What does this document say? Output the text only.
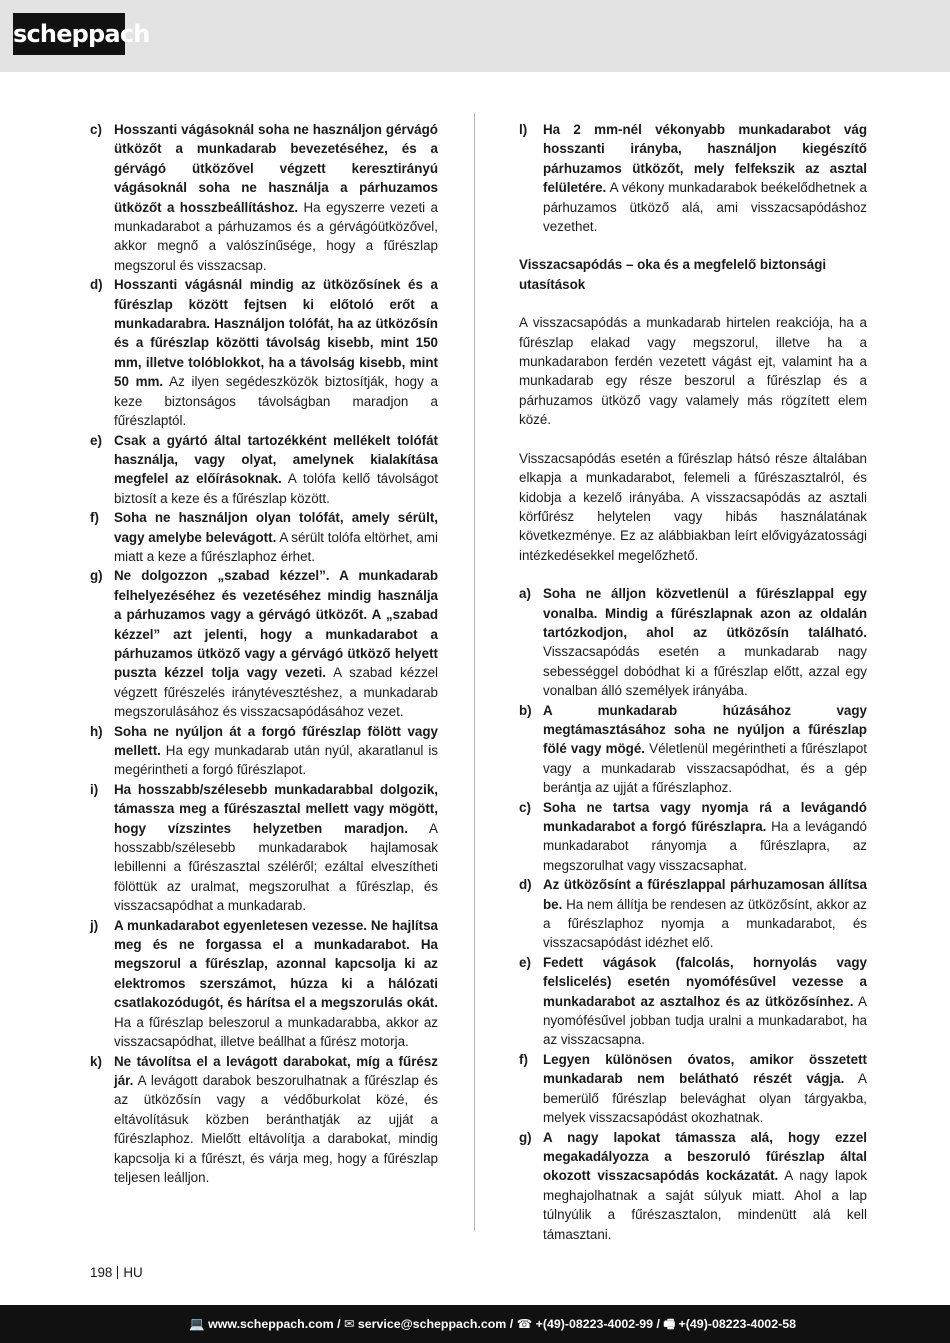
scheppach
c) Hosszanti vágásoknál soha ne használjon gérvágó ütközőt a munkadarab bevezetéséhez, és a gérvágó ütközővel végzett keresztirányú vágásoknál soha ne használja a párhuzamos ütközőt a hosszbeállításhoz. Ha egyszerre vezeti a munkadarabot a párhuzamos és a gérvágóütközővel, akkor megnő a valószínűsége, hogy a fűrészlap megszorul és visszacsap.
d) Hosszanti vágásnál mindig az ütközősínek és a fűrészlap között fejtsen ki előtoló erőt a munkadarabra. Használjon tolófát, ha az ütközősín és a fűrészlap közötti távolság kisebb, mint 150 mm, illetve tolóblokkot, ha a távolság kisebb, mint 50 mm. Az ilyen segédeszközök biztosítják, hogy a keze biztonságos távolságban maradjon a fűrészlaptól.
e) Csak a gyártó által tartozékként mellékelt tolófát használja, vagy olyat, amelynek kialakítása megfelel az előírásoknak. A tolófa kellő távolságot biztosít a keze és a fűrészlap között.
f)	Soha ne használjon olyan tolófát, amely sérült, vagy amelybe belevágott. A sérült tolófa eltörhet, ami miatt a keze a fűrészlaphoz érhet.
g) Ne dolgozzon „szabad kézzel”. A munkadarab felhelyezéséhez és vezetéséhez mindig használja a párhuzamos vagy a gérvágó ütközőt. A „szabad kézzel” azt jelenti, hogy a munkadarabot a párhuzamos ütköző vagy a gérvágó ütköző helyett puszta kézzel tolja vagy vezeti. A szabad kézzel végzett fűrészelés iránytévesztéshez, a munkadarab megszorulásához és visszacsapódásához vezet.
h) Soha ne nyúljon át a forgó fűrészlap fölött vagy mellett. Ha egy munkadarab után nyúl, akaratlanul is megérintheti a forgó fűrészlapot.
i)	Ha hosszabb/szélesebb munkadarabbal dolgozik, támassza meg a fűrészasztal mellett vagy mögött, hogy vízszintes helyzetben maradjon. A hosszabb/szélesebb munkadarabok hajlamosak lebillenni a fűrészasztal széléről; ezáltal elveszítheti fölöttük az uralmat, megszorulhat a fűrészlap, és visszacsapódhat a munkadarab.
j)	A munkadarabot egyenletesen vezesse. Ne hajlítsa meg és ne forgassa el a munkadarabot. Ha megszorul a fűrészlap, azonnal kapcsolja ki az elektromos szerszámot, húzza ki a hálózati csatlakozódugót, és hárítsa el a megszorulás okát. Ha a fűrészlap beleszorul a munkadarabba, akkor az visszacsapódhat, illetve beállhat a fűrész motorja.
k) Ne távolítsa el a levágott darabokat, míg a fűrész jár. A levágott darabok beszorulhatnak a fűrészlap és az ütközősín vagy a védőburkolat közé, és eltávolításuk közben beránthatják az ujját a fűrészlaphoz. Mielőtt eltávolítja a darabokat, mindig kapcsolja ki a fűrészt, és várja meg, hogy a fűrészlap teljesen leálljon.
l)	Ha 2 mm-nél vékonyabb munkadarabot vág hosszanti irányba, használjon kiegészítő párhuzamos ütközőt, mely felfekszik az asztal felületére. A vékony munkadarabok beékelődhetnek a párhuzamos ütköző alá, ami visszacsapódáshoz vezethet.
Visszacsapódás – oka és a megfelelő biztonsági utasítások
A visszacsapódás a munkadarab hirtelen reakciója, ha a fűrészlap elakad vagy megszorul, illetve ha a munkadarabon ferdén vezetett vágást ejt, valamint ha a munkadarab egy része beszorul a fűrészlap és a párhuzamos ütköző vagy valamely más rögzített elem közé.
Visszacsapódás esetén a fűrészlap hátsó része általában elkapja a munkadarabot, felemeli a fűrészasztalról, és kidobja a kezelő irányába. A visszacsapódás az asztali körfűrész helytelen vagy hibás használatának következménye. Ez az alábbiakban leírt elővigyázatossági intézkedésekkel megelőzhető.
a) Soha ne álljon közvetlenül a fűrészlappal egy vonalba. Mindig a fűrészlapnak azon az oldalán tartózkodjon, ahol az ütközősín található. Visszacsapódás esetén a munkadarab nagy sebességgel dobódhat ki a fűrészlap előtt, azzal egy vonalban álló személyek irányába.
b) A munkadarab húzásához vagy megtámasztásához soha ne nyúljon a fűrészlap fölé vagy mögé. Véletlenül megérintheti a fűrészlapot vagy a munkadarab visszacsapódhat, és a gép berántja az ujját a fűrészlaphoz.
c) Soha ne tartsa vagy nyomja rá a levágandó munkadarabot a forgó fűrészlapra. Ha a levágandó munkadarabot rányomja a fűrészlapra, az megszorulhat vagy visszacsaphat.
d) Az ütközősínt a fűrészlappal párhuzamosan állítsa be. Ha nem állítja be rendesen az ütközősínt, akkor az a fűrészlaphoz nyomja a munkadarabot, és visszacsapódást idézhet elő.
e) Fedett vágások (falcolás, hornyolás vagy felslicelés) esetén nyomófésűvel vezesse a munkadarabot az asztalhoz és az ütközősínhez. A nyomófésűvel jobban tudja uralni a munkadarabot, ha az visszacsapna.
f)	Legyen különösen óvatos, amikor összetett munkadarab nem belátható részét vágja. A bemerülő fűrészlap belevághat olyan tárgyakba, melyek visszacsapódást okozhatnak.
g) A nagy lapokat támassza alá, hogy ezzel megakadályozza a beszoruló fűrészlap által okozott visszacsapódás kockázatát. A nagy lapok meghajolhatnak a saját súlyuk miatt. Ahol a lap túlnyúlik a fűrészasztalon, mindenütt alá kell támasztani.
198 HU
💻 www.scheppach.com / ✉ service@scheppach.com / ☎ +(49)-08223-4002-99 / 🖷 +(49)-08223-4002-58
